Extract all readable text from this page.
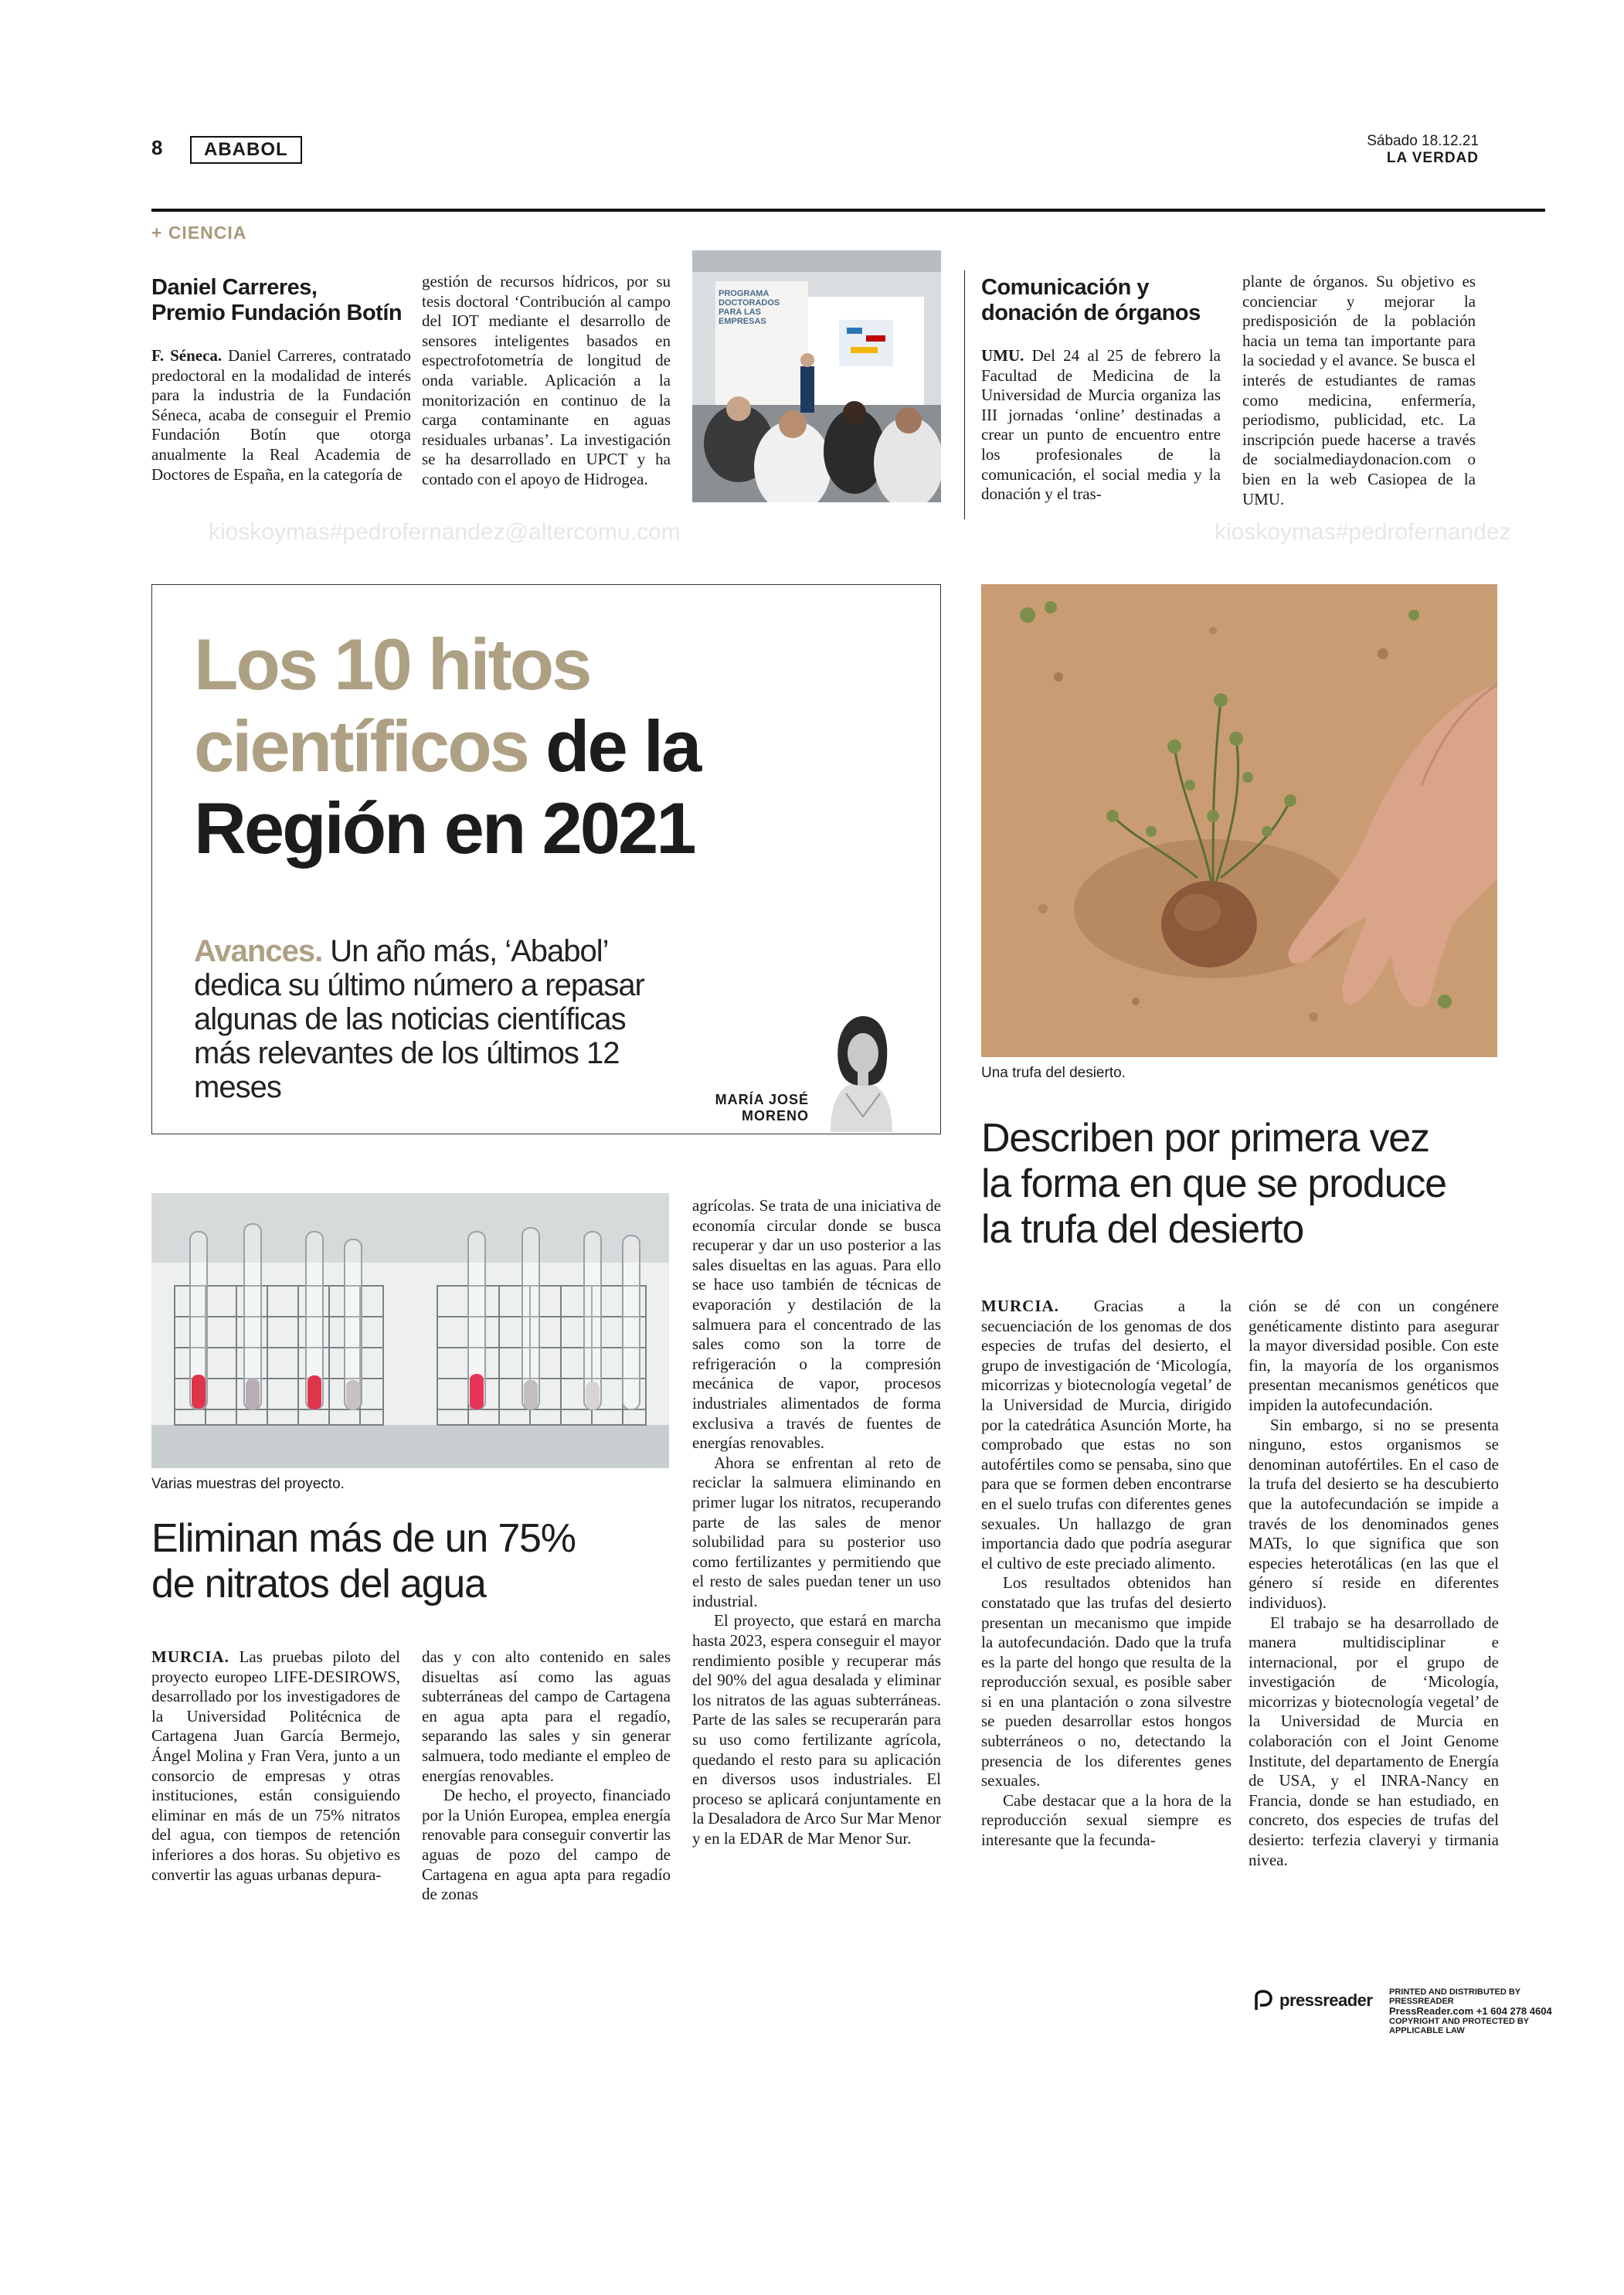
8	ABABOL	Sábado 18.12.21
LA VERDAD
+ CIENCIA
Daniel Carreres,
Premio Fundación Botín
F. Séneca. Daniel Carreres, contratado predoctoral en la modalidad de interés para la industria de la Fundación Séneca, acaba de conseguir el Premio Fundación Botín que otorga anualmente la Real Academia de Doctores de España, en la categoría de
gestión de recursos hídricos, por su tesis doctoral ‘Contribución al campo del IOT mediante el desarrollo de sensores inteligentes basados en espectrofotometría de longitud de onda variable. Aplicación a la monitorización en continuo de la carga contaminante en aguas residuales urbanas’. La investigación se ha desarrollado en UPCT y ha contado con el apoyo de Hidrogea.
PROGRAMA DOCTORADOS PARA LAS EMPRESAS
Comunicación y
donación de órganos
UMU. Del 24 al 25 de febrero la Facultad de Medicina de la Universidad de Murcia organiza las III jornadas ‘online’ destinadas a crear un punto de encuentro entre los profesionales de la comunicación, el social media y la donación y el tras-
plante de órganos. Su objetivo es concienciar y mejorar la predisposición de la población hacia un tema tan importante para la sociedad y el avance. Se busca el interés de estudiantes de ramas como medicina, enfermería, periodismo, publicidad, etc. La inscripción puede hacerse a través de socialmediaydonacion.com o bien en la web Casiopea de la UMU.
kioskoymas#pedrofernandez@altercomu.com	kioskoymas#pedrofernandez
Los 10 hitos
científicos de la
Región en 2021
Avances. Un año más, ‘Ababol’ dedica su último número a repasar algunas de las noticias científicas más relevantes de los últimos 12 meses	MARÍA JOSÉ
MORENO
Una trufa del desierto.
Describen por primera vez
la forma en que se produce
la trufa del desierto

MURCIA. Gracias a la secuenciación de los genomas de dos especies de trufas del desierto, el grupo de investigación de ‘Micología, micorrizas y biotecnología vegetal’ de la Universidad de Murcia, dirigido por la catedrática Asunción Morte, ha comprobado que estas no son autofértiles como se pensaba, sino que para que se formen deben encontrarse en el suelo trufas con diferentes genes sexuales. Un hallazgo de gran importancia dado que podría asegurar el cultivo de este preciado alimento.

Los resultados obtenidos han constatado que las trufas del desierto presentan un mecanismo que impide la autofecundación. Dado que la trufa es la parte del hongo que resulta de la reproducción sexual, es posible saber si en una plantación o zona silvestre se pueden desarrollar estos hongos subterráneos o no, detectando la presencia de los diferentes genes sexuales.

Cabe destacar que a la hora de la reproducción sexual siempre es interesante que la fecunda-

ción se dé con un congénere genéticamente distinto para asegurar la mayor diversidad posible. Con este fin, la mayoría de los organismos presentan mecanismos genéticos que impiden la autofecundación.

Sin embargo, si no se presenta ninguno, estos organismos se denominan autofértiles. En el caso de la trufa del desierto se ha descubierto que la autofecundación se impide a través de los denominados genes MATs, lo que significa que son especies heterotálicas (en las que el género sí reside en diferentes individuos).

El trabajo se ha desarrollado de manera multidisciplinar e internacional, por el grupo de investigación de ‘Micología, micorrizas y biotecnología vegetal’ de la Universidad de Murcia en colaboración con el Joint Genome Institute, del departamento de Energía de USA, y el INRA-Nancy en Francia, donde se han estudiado, en concreto, dos especies de trufas del desierto: terfezia claveryi y tirmania nivea.

Varias muestras del proyecto.
Eliminan más de un 75%
de nitratos del agua

MURCIA. Las pruebas piloto del proyecto europeo LIFE-DESIROWS, desarrollado por los investigadores de la Universidad Politécnica de Cartagena Juan García Bermejo, Ángel Molina y Fran Vera, junto a un consorcio de empresas y otras instituciones, están consiguiendo eliminar en más de un 75% nitratos del agua, con tiempos de retención inferiores a dos horas. Su objetivo es convertir las aguas urbanas depura-

das y con alto contenido en sales disueltas así como las aguas subterráneas del campo de Cartagena en agua apta para el regadío, separando las sales y sin generar salmuera, todo mediante el empleo de energías renovables.

De hecho, el proyecto, financiado por la Unión Europea, emplea energía renovable para conseguir convertir las aguas de pozo del campo de Cartagena en agua apta para regadío de zonas

agrícolas. Se trata de una iniciativa de economía circular donde se busca recuperar y dar un uso posterior a las sales disueltas en las aguas. Para ello se hace uso también de técnicas de evaporación y destilación de la salmuera para el concentrado de las sales como son la torre de refrigeración o la compresión mecánica de vapor, procesos industriales alimentados de forma exclusiva a través de fuentes de energías renovables.

Ahora se enfrentan al reto de reciclar la salmuera eliminando en primer lugar los nitratos, recuperando parte de las sales de menor solubilidad para su posterior uso como fertilizantes y permitiendo que el resto de sales puedan tener un uso industrial.

El proyecto, que estará en marcha hasta 2023, espera conseguir el mayor rendimiento posible y recuperar más del 90% del agua desalada y eliminar los nitratos de las aguas subterráneas. Parte de las sales se recuperarán para su uso como fertilizante agrícola, quedando el resto para su aplicación en diversos usos industriales. El proceso se aplicará conjuntamente en la Desaladora de Arco Sur Mar Menor y en la EDAR de Mar Menor Sur.

pressreader PRINTED AND DISTRIBUTED BY PRESSREADER
PressReader.com +1 604 278 4604
COPYRIGHT AND PROTECTED BY APPLICABLE LAW
